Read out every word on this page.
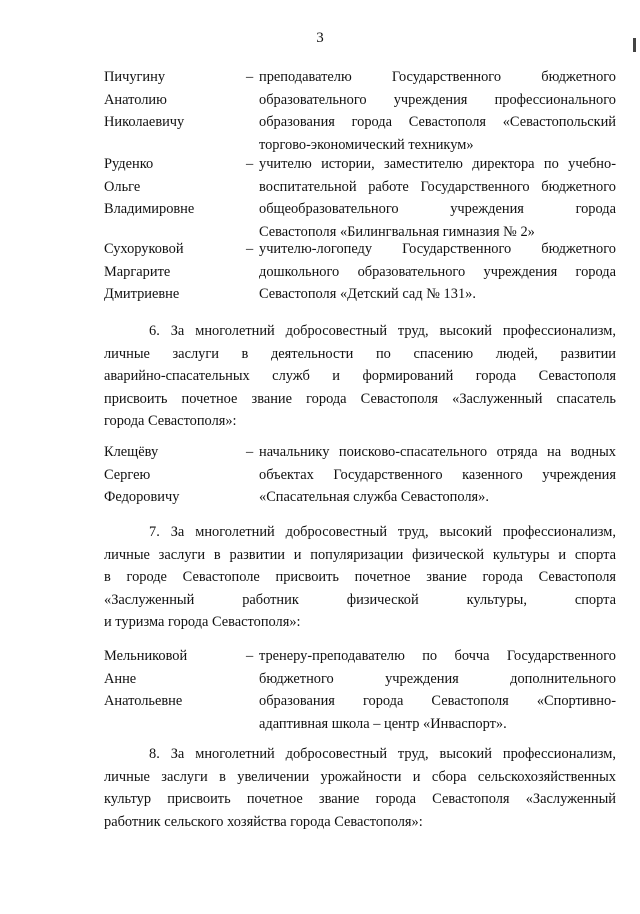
3
Пичугину
Анатолию
Николаевичу
– преподавателю Государственного бюджетного
образовательного учреждения профессионального
образования города Севастополя «Севастопольский
торгово-экономический техникум»
Руденко
Ольге
Владимировне
– учителю истории, заместителю директора по учебно-
воспитательной работе Государственного бюджетного
общеобразовательного учреждения города
Севастополя «Билингвальная гимназия № 2»
Сухоруковой
Маргарите
Дмитриевне
– учителю-логопеду Государственного бюджетного
дошкольного образовательного учреждения города
Севастополя «Детский сад № 131».
6. За многолетний добросовестный труд, высокий профессионализм,
личные заслуги в деятельности по спасению людей, развитии
аварийно-спасательных служб и формирований города Севастополя
присвоить почетное звание города Севастополя «Заслуженный спасатель
города Севастополя»:
Клещёву
Сергею
Федоровичу
– начальнику поисково-спасательного отряда на водных
объектах Государственного казенного учреждения
«Спасательная служба Севастополя».
7. За многолетний добросовестный труд, высокий профессионализм,
личные заслуги в развитии и популяризации физической культуры и спорта
в городе Севастополе присвоить почетное звание города Севастополя
«Заслуженный работник физической культуры, спорта
и туризма города Севастополя»:
Мельниковой
Анне
Анатольевне
– тренеру-преподавателю по бочча Государственного
бюджетного учреждения дополнительного
образования города Севастополя «Спортивно-
адаптивная школа – центр «Инваспорт».
8. За многолетний добросовестный труд, высокий профессионализм,
личные заслуги в увеличении урожайности и сбора сельскохозяйственных
культур присвоить почетное звание города Севастополя «Заслуженный
работник сельского хозяйства города Севастополя»:
